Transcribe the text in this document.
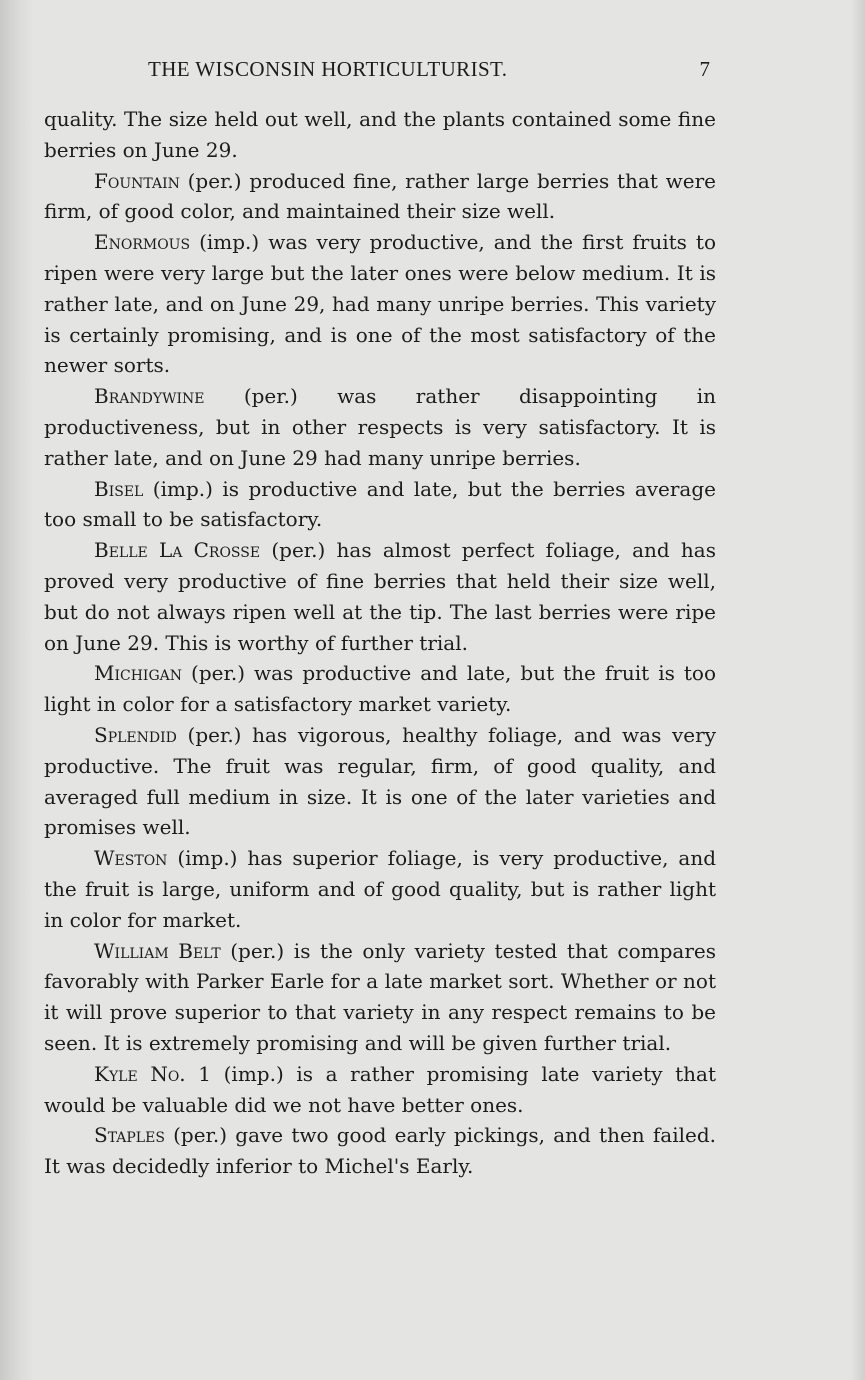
THE WISCONSIN HORTICULTURIST.	7

quality. The size held out well, and the plants contained some fine berries on June 29.

Fountain (per.) produced fine, rather large berries that were firm, of good color, and maintained their size well.

Enormous (imp.) was very productive, and the first fruits to ripen were very large but the later ones were below medium. It is rather late, and on June 29, had many unripe berries. This variety is certainly promising, and is one of the most satisfactory of the newer sorts.

Brandywine (per.) was rather disappointing in productiveness, but in other respects is very satisfactory. It is rather late, and on June 29 had many unripe berries.

Bisel (imp.) is productive and late, but the berries average too small to be satisfactory.

Belle La Crosse (per.) has almost perfect foliage, and has proved very productive of fine berries that held their size well, but do not always ripen well at the tip. The last berries were ripe on June 29. This is worthy of further trial.

Michigan (per.) was productive and late, but the fruit is too light in color for a satisfactory market variety.

Splendid (per.) has vigorous, healthy foliage, and was very productive. The fruit was regular, firm, of good quality, and averaged full medium in size. It is one of the later varieties and promises well.

Weston (imp.) has superior foliage, is very productive, and the fruit is large, uniform and of good quality, but is rather light in color for market.

William Belt (per.) is the only variety tested that compares favorably with Parker Earle for a late market sort. Whether or not it will prove superior to that variety in any respect remains to be seen. It is extremely promising and will be given further trial.

Kyle No. 1 (imp.) is a rather promising late variety that would be valuable did we not have better ones.

Staples (per.) gave two good early pickings, and then failed. It was decidedly inferior to Michel's Early.
